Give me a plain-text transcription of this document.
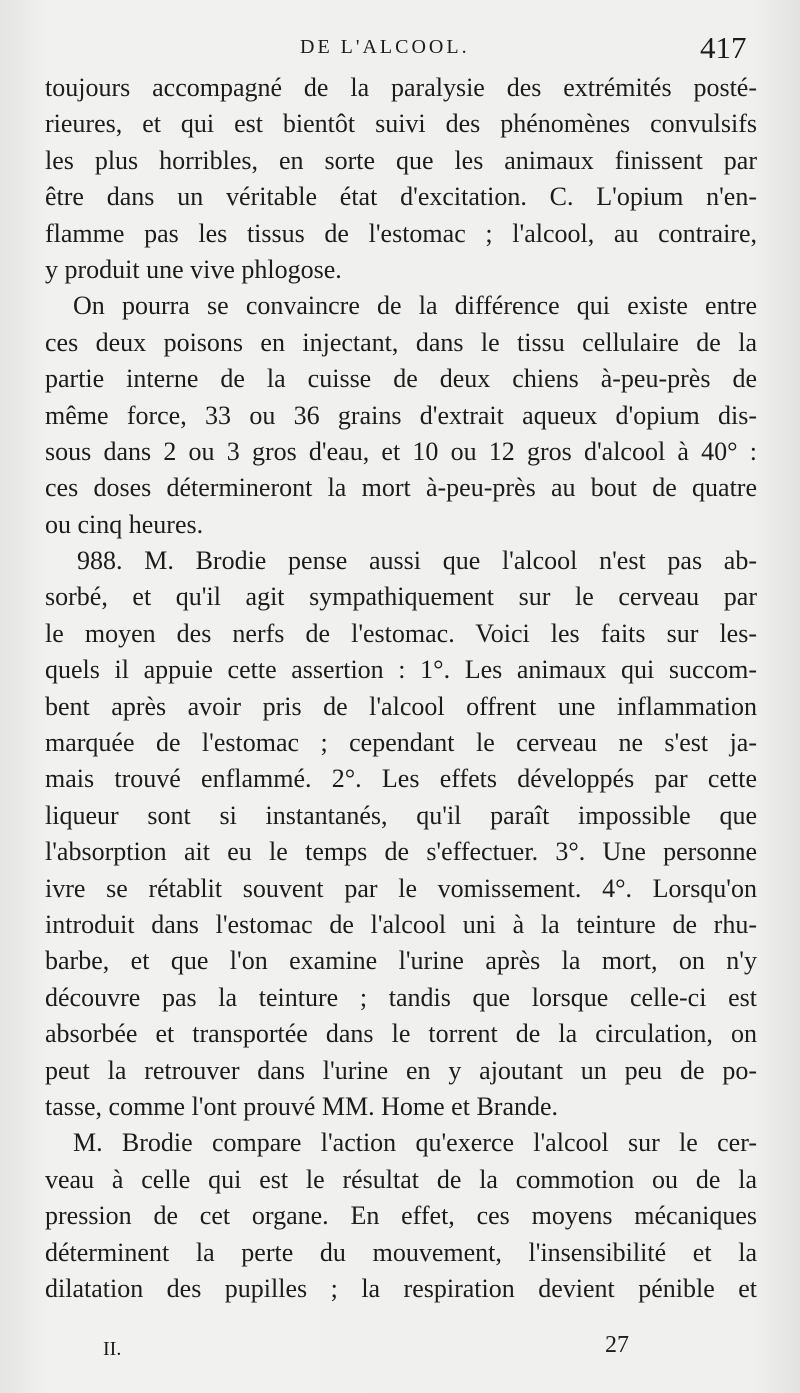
DE L'ALCOOL.	417
toujours accompagné de la paralysie des extrémités posté-
rieures, et qui est bientôt suivi des phénomènes convulsifs
les plus horribles, en sorte que les animaux finissent par
être dans un véritable état d'excitation. C. L'opium n'en-
flamme pas les tissus de l'estomac ; l'alcool, au contraire,
y produit une vive phlogose.
On pourra se convaincre de la différence qui existe entre
ces deux poisons en injectant, dans le tissu cellulaire de la
partie interne de la cuisse de deux chiens à-peu-près de
même force, 33 ou 36 grains d'extrait aqueux d'opium dis-
sous dans 2 ou 3 gros d'eau, et 10 ou 12 gros d'alcool à 40° :
ces doses détermineront la mort à-peu-près au bout de quatre
ou cinq heures.
988. M. Brodie pense aussi que l'alcool n'est pas ab-
sorbé, et qu'il agit sympathiquement sur le cerveau par
le moyen des nerfs de l'estomac. Voici les faits sur les-
quels il appuie cette assertion : 1°. Les animaux qui succom-
bent après avoir pris de l'alcool offrent une inflammation
marquée de l'estomac ; cependant le cerveau ne s'est ja-
mais trouvé enflammé. 2°. Les effets développés par cette
liqueur sont si instantanés, qu'il paraît impossible que
l'absorption ait eu le temps de s'effectuer. 3°. Une personne
ivre se rétablit souvent par le vomissement. 4°. Lorsqu'on
introduit dans l'estomac de l'alcool uni à la teinture de rhu-
barbe, et que l'on examine l'urine après la mort, on n'y
découvre pas la teinture ; tandis que lorsque celle-ci est
absorbée et transportée dans le torrent de la circulation, on
peut la retrouver dans l'urine en y ajoutant un peu de po-
tasse, comme l'ont prouvé MM. Home et Brande.
M. Brodie compare l'action qu'exerce l'alcool sur le cer-
veau à celle qui est le résultat de la commotion ou de la
pression de cet organe. En effet, ces moyens mécaniques
déterminent la perte du mouvement, l'insensibilité et la
dilatation des pupilles ; la respiration devient pénible et
II.	27
